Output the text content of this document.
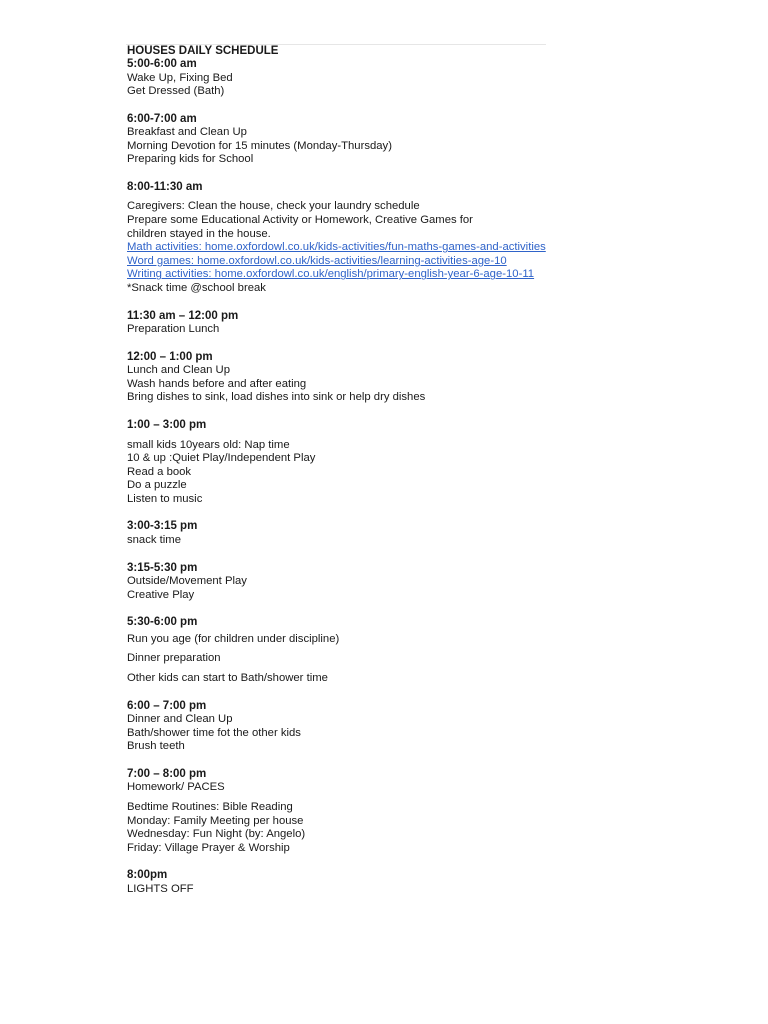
HOUSES DAILY SCHEDULE

5:00-6:00 am

Wake Up, Fixing Bed

Get Dressed (Bath)

6:00-7:00 am

Breakfast and Clean Up

Morning Devotion for 15 minutes (Monday-Thursday)

Preparing kids for School

8:00-11:30 am

Caregivers: Clean the house, check your laundry schedule

Prepare some Educational Activity or Homework, Creative Games for

children stayed in the house.

Math activities: home.oxfordowl.co.uk/kids-activities/fun-maths-games-and-activities
Word games: home.oxfordowl.co.uk/kids-activities/learning-activities-age-10
Writing activities: home.oxfordowl.co.uk/english/primary-english-year-6-age-10-11

*Snack time @school break

11:30 am – 12:00 pm

Preparation Lunch

12:00 – 1:00 pm

Lunch and Clean Up

Wash hands before and after eating

Bring dishes to sink, load dishes into sink or help dry dishes

1:00 – 3:00 pm

small kids 10years old: Nap time

10 & up :Quiet Play/Independent Play

Read a book

Do a puzzle

Listen to music

3:00-3:15 pm

snack time

3:15-5:30 pm

Outside/Movement Play

Creative Play

5:30-6:00 pm

Run you age (for children under discipline)

Dinner preparation

Other kids can start to Bath/shower time

6:00 – 7:00 pm

Dinner and Clean Up

Bath/shower time fot the other kids

Brush teeth

7:00 – 8:00 pm

Homework/ PACES

Bedtime Routines: Bible Reading

Monday: Family Meeting per house

Wednesday: Fun Night (by: Angelo)

Friday: Village Prayer & Worship

8:00pm

LIGHTS OFF
